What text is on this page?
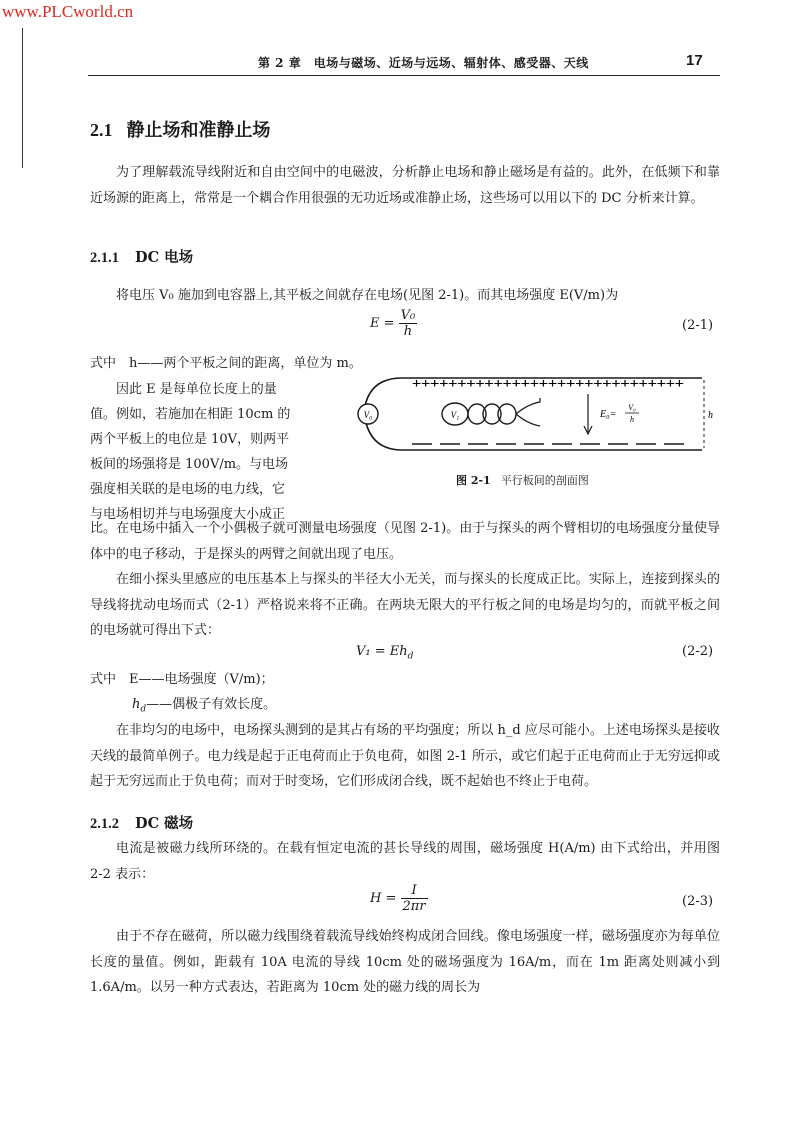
www.PLCworld.cn
第 2 章　电场与磁场、近场与远场、辐射体、感受器、天线	17
2.1 静止场和准静止场
为了理解载流导线附近和自由空间中的电磁波，分析静止电场和静止磁场是有益的。此外，在低频下和靠近场源的距离上，常常是一个耦合作用很强的无功近场或准静止场，这些场可以用以下的 DC 分析来计算。
2.1.1 DC 电场
将电压 V₀ 施加到电容器上,其平板之间就存在电场(见图 2-1)。而其电场强度 E(V/m)为
$E = \frac{\text{V₀}}{h}$	(2-1)
式中　h——两个平板之间的距离，单位为 m。
因此 E 是每单位长度上的量
值。例如，若施加在相距 10cm 的
两个平板上的电位是 10V，则两平
板间的场强将是 100V/m。与电场
强度相关联的是电场的电力线，它
与电场相切并与电场强度大小成正
++++++++++++++++++++++++++++++
V₀	V₁	E₀=
V₀
h	h
图 2-1 平行板间的剖面图
比。在电场中插入一个小偶极子就可测量电场强度（见图 2-1)。由于与探头的两个臂相切的电场强度分量使导体中的电子移动，于是探头的两臂之间就出现了电压。
在细小探头里感应的电压基本上与探头的半径大小无关，而与探头的长度成正比。实际上，连接到探头的导线将扰动电场而式（2-1）严格说来将不正确。在两块无限大的平行板之间的电场是均匀的，而就平板之间的电场就可得出下式：
$V_1 = Eh_d$	(2-2)
式中　E——电场强度（V/m)；
$h_d——$偶极子有效长度。
在非均匀的电场中，电场探头测到的是其占有场的平均强度；所以 h_d 应尽可能小。上述电场探头是接收天线的最简单例子。电力线是起于正电荷而止于负电荷，如图 2-1 所示，或它们起于正电荷而止于无穷远抑或起于无穷远而止于负电荷；而对于时变场，它们形成闭合线，既不起始也不终止于电荷。
2.1.2 DC 磁场
电流是被磁力线所环绕的。在载有恒定电流的甚长导线的周围，磁场强度 H(A/m) 由下式给出，并用图 2-2 表示：
$H = \frac{I}{2\pi r}$	(2-3)
由于不存在磁荷，所以磁力线围绕着载流导线始终构成闭合回线。像电场强度一样，磁场强度亦为每单位长度的量值。例如，距载有 10A 电流的导线 10cm 处的磁场强度为 16A/m，而在 1m 距离处则减小到 1.6A/m。以另一种方式表达，若距离为 10cm 处的磁力线的周长为
